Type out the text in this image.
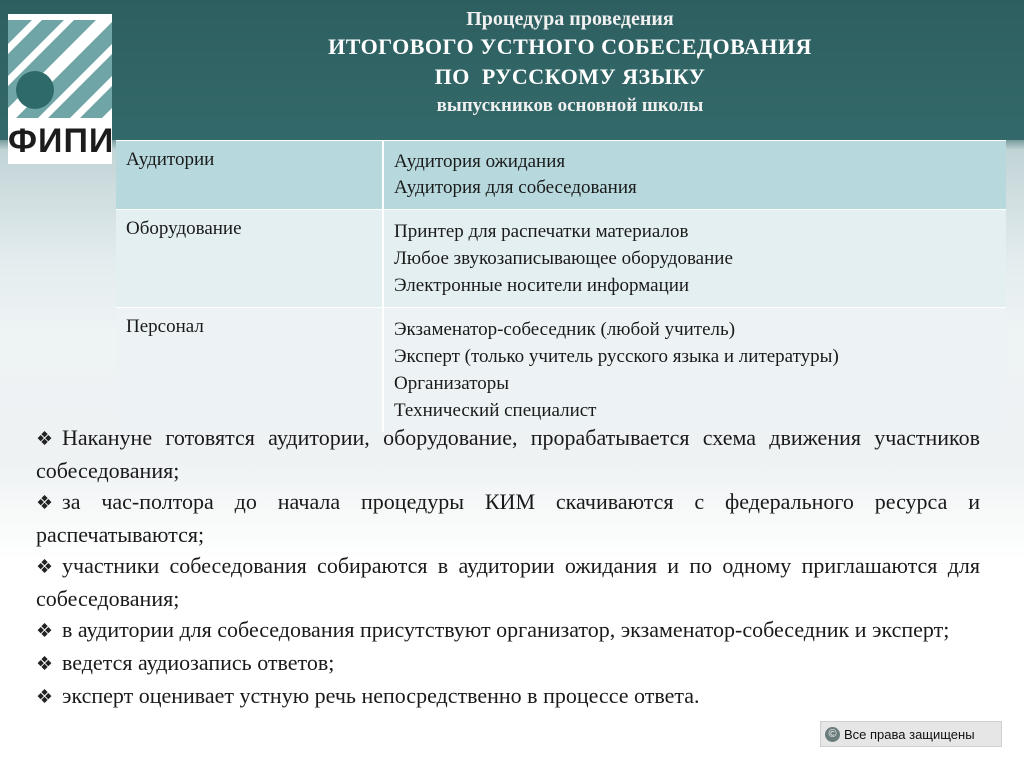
ФИПИ
Процедура проведения
ИТОГОВОГО УСТНОГО СОБЕСЕДОВАНИЯ
ПО  РУССКОМУ ЯЗЫКУ
выпускников основной школы
Аудитории	Аудитория ожидания
Аудитория для собеседования

Оборудование	Принтер для распечатки материалов
Любое звукозаписывающее оборудование
Электронные носители информации

Персонал	Экзаменатор-собеседник (любой учитель)
Эксперт (только учитель русского языка и литературы)
Организаторы
Технический специалист
❖ Накануне готовятся аудитории, оборудование, прорабатывается схема движения участников собеседования;
❖ за час-полтора до начала процедуры КИМ скачиваются с федерального ресурса и распечатываются;
❖ участники собеседования собираются в аудитории ожидания и по одному приглашаются для собеседования;
❖ в аудитории для собеседования присутствуют организатор, экзаменатор-собеседник и эксперт;
❖ ведется аудиозапись ответов;
❖ эксперт оценивает устную речь непосредственно в процессе ответа.
© Все права защищены
